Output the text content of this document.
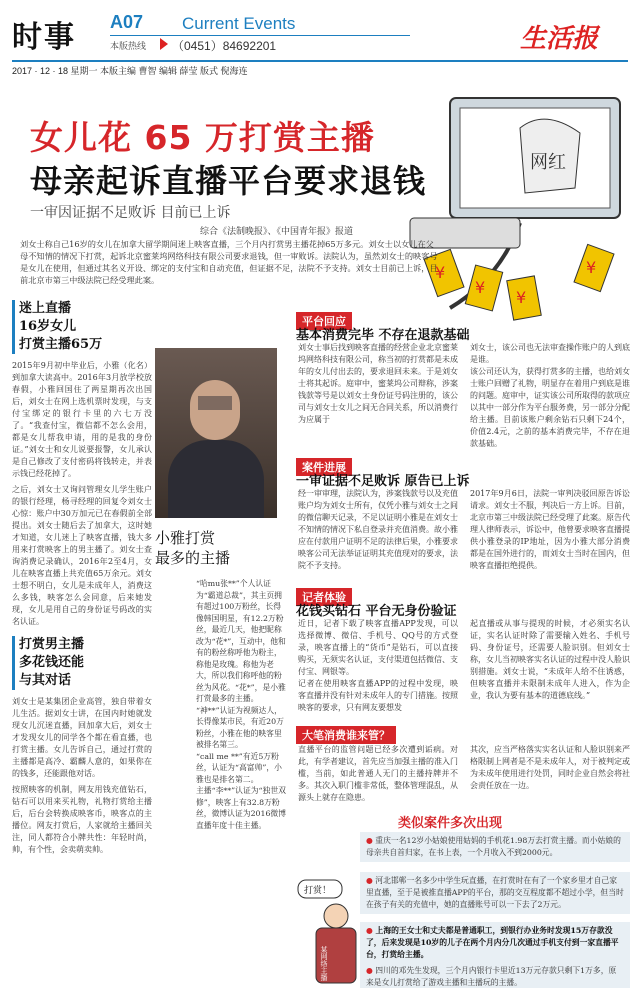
时事 A07 Current Events
本版热线 （0451）84692201	生活报
2017 · 12 · 18 星期一 本版主编 曹智 编辑 薛莹 版式 倪海连
网红
¥
¥
¥
¥
女儿花 65 万打赏主播
母亲起诉直播平台要求退钱
一审因证据不足败诉 目前已上诉
综合《法制晚报》、《中国青年报》报道
刘女士称自己16岁的女儿在加拿大留学期间迷上映客直播，三个月内打赏男主播花掉65万多元。刘女士以女儿在父母不知情的情况下打赏，起诉北京蜜莱坞网络科技有限公司要求退钱，但一审败诉。法院认为，虽然刘女士的映客号是女儿在使用，但通过其名义开设、绑定的支付宝和自动充值，但证据不足，法院不予支持。刘女士目前已上诉，目前北京市第三中级法院已经受理此案。
迷上直播
16岁女儿
打赏主播65万
2015年9月初中毕业后，小雅（化名）到加拿大读高中。2016年3月放学校放春假，小雅回国住了两星期再次出国后，刘女士在网上选机票时发现，与支付宝绑定的银行卡里的六七万没了。“我查付宝，微信都不怎么会用，都是女儿帮我申请，用的是我的身份证。”刘女士和女儿说要报警，女儿承认是自己修改了支付密码将钱转走，并表示钱已经花掉了。
之后，刘女士又询问管理女儿学生账户的银行经理，杨寻经理的回复令刘女士心惊：账户中30万加元已在春假前全部提出。刘女士随后去了加拿大，这时她才知道，女儿迷上了映客直播，钱大多用来打赏映客上的男主播了。刘女士查询消费记录确认，2016年2至4月，女儿在映客直播上共充值65万余元。刘女士想不明白，女儿是未成年人，消费这么多钱，映客怎么会同意，后来她发现，女儿是用自己的身份证号码改的实名认证。
打赏男主播
多花钱还能
与其对话
刘女士是某集团企业高管，独自带着女儿生活。据刘女士讲，在国内时她就发现女儿沉迷直播，回加拿大后，刘女士才发现女儿的同学各个都在看直播，也打赏主播。女儿告诉自己，通过打赏的主播都是高冷、霸麟人意的，如果你在的钱多，还能跟他对话。
按照映客的机制，网友用钱充值钻石，钻石可以用来买礼物，礼物打赏给主播后，后台会转换成映客币，映客点的主播位。网友打赏后，人家就给主播回关注，同人都符合小牌共性：年轻时尚，帅，有个性，会卖萌卖帅。
小雅打赏
最多的主播
“哈mu张**”个人认证为“霸道总裁”，其主页拥有超过100万粉丝，长得像韩国明星，有12.2万粉丝，最近几天，他把昵称改为“花*”，互动中，他和有的粉丝称呼他为粉主，称他是玫瑰。称他为老大，所以我们称呼他的粉丝为风花。“花*”，是小雅打赏最多的主播。
“神**”认证为视频达人，长得像某市民，有近20万粉丝，小雅在他的映客里被排名第三。
“call me **”有近5万粉丝，认证为“高富帅”，小雅也是排名第二。
主播“李**”认证为“独世双修”，映客上有32.8万粉丝，微博认证为2016微博直播年度十佳主播。
平台回应
基本消费完毕 不存在退款基础
刘女士事后找到映客直播的经营企业北京蜜莱坞网络科技有限公司，称当初的打赏都是未成年的女儿付出去的，要求退回未来。于是刘女士将其起诉。庭审中，蜜莱坞公司辩称，涉案钱款等号是以刘女士身份证号码注册的，该公司与刘女士女儿之间无合同关系，所以消费行为应属于
刘女士，该公司也无法审查操作账户的人到底是谁。
该公司还认为，获得打赏多的主播，也给刘女士账户回赠了礼物，明显存在着用户到底是谁的问题。庭审中，证实该公司所取得的款项应以其中一部分作为平台服务费，另一部分分配给主播。目前该账户剩余钻石只剩下24个，价值2.4元，之前的基本消费完毕，不存在退款基础。
案件进展
一审证据不足败诉 原告已上诉
经一审审理，法院认为，涉案钱款号以及充值账户均为刘女士所有，仅凭小雅与刘女士之间的微信聊天记录，不足以证明小雅是在刘女士不知情的情况下私自登录并充值消费。故小雅应在付款用户证明不足的法律后果，小雅要求映客公司无法举证证明其充值现对的要求，法院不予支持。
2017年9月6日，法院一审判决驳回原告诉讼请求。刘女士不服，判决后一方上诉。目前，北京市第三中级法院已经受理了此案。原告代理人律师表示，诉讼中，他曾要求映客直播提供小雅登录的IP地址，因为小雅大部分消费都是在国外进行的，而刘女士当时在国内，但映客直播拒绝提供。
记者体验
花钱买钻石 平台无身份验证
近日，记者下载了映客直播APP发现，可以选择微博、微信、手机号、QQ号的方式登录，映客直播上的“货币”是钻石，可以直接购买，无须实名认证，支付渠道包括微信、支付宝、网银等。
记者在使用映客直播APP的过程中发现，映客直播并没有针对未成年人的专门措施。按照映客的要求，只有网友要想发
起直播或从事与提现的时候，才必须实名认证，实名认证时除了需要输入姓名、手机号码、身份证号，还需要人脸识别。但刘女士称，女儿当初映客实名认证的过程中没人脸识别措施。刘女士说，“未成年人给不住诱惑，但映客直播并未限制未成年人进入，作为企业，我认为要有基本的道德底线。”
大笔消费谁来管？
直播平台的监管问题已经多次遭到诟病。对此，有学者建议，首先应当加强主播的准入门槛，当前，如此普通人无门的主播持牌并不多。其次入职门槛非常低，整体管理混乱，从源头上就存在隐患。
其次，应当严格落实实名认证和人脸识别来严格限制上网者是不是未成年人，对于被判定或为未成年使用进行处罚，同时企业自然会将社会责任放在一边。
类似案件多次出现
● 重庆一名12岁小姑娘使用姑妈的手机花1.98万去打赏主播。而小姑娘的母亲共自首归家，在书上表，一个月收入不到2000元。
● 河北邯郸一名多少中学生玩直播，在打赏时在有了一个家乡里才自己家里直播，至于是被推直播APP的平台，那的交互程度都不超过小学，但当时在孩子有关的充值中，她的直播账号可以一下去了2万元。
● 上海的王女士和丈夫都是普通职工，到银行办业务时发现15万存款没了，后来发现是10岁的儿子在两个月内分几次通过手机支付到一家直播平台，打赏给主播。
● 四川的邓先生发现，三个月内银行卡里近13万元存款只剩下1万多，原来是女儿打赏给了游戏主播和主播玩的主播。
打赏！
某网络主播
